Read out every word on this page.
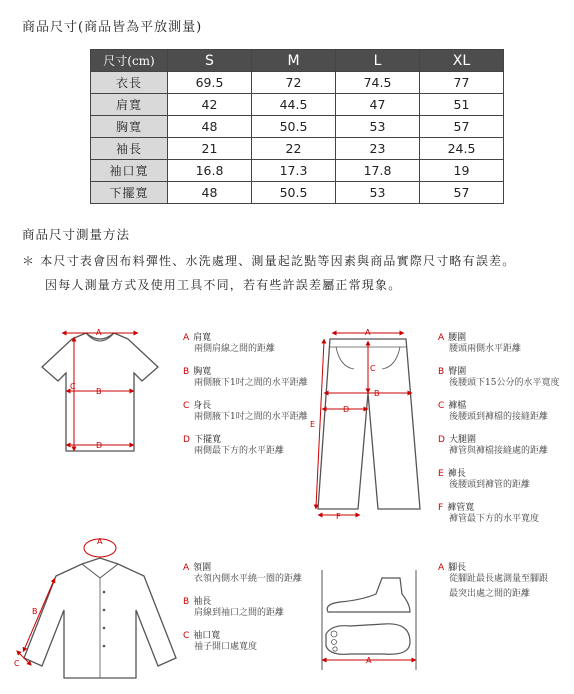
商品尺寸(商品皆為平放測量)
尺寸(cm)	S	M	L	XL
衣長	69.5	72	74.5	77
肩寬	42	44.5	47	51
胸寬	48	50.5	53	57
袖長	21	22	23	24.5
袖口寬	16.8	17.3	17.8	19
下擺寬	48	50.5	53	57
商品尺寸測量方法
＊ 本尺寸表會因布料彈性、水洗處理、測量起訖點等因素與商品實際尺寸略有誤差。
因每人測量方式及使用工具不同，若有些許誤差屬正常現象。
A
B
C
D
A 肩寬
兩側肩線之間的距離
B 胸寬
兩側腋下1吋之間的水平距離
C 身長
兩側腋下1吋之間的水平距離
D 下擺寬
兩側最下方的水平距離
A
B
C
D
E
F
A 腰圍
腰頭兩側水平距離
B 臀圍
後腰頭下15公分的水平寬度
C 褲檔
後腰頭到褲檔的接縫距離
D 大腿圍
褲管與褲檔接縫處的距離
E 褲長
後腰頭到褲管的距離
F 褲管寬
褲管最下方的水平寬度
A
B
C
A 領圍
衣領內側水平繞一圈的距離
B 袖長
肩線到袖口之間的距離
C 袖口寬
袖子開口處寬度
A
A 腳長
從腳趾最長處測量至腳跟
最突出處之間的距離
